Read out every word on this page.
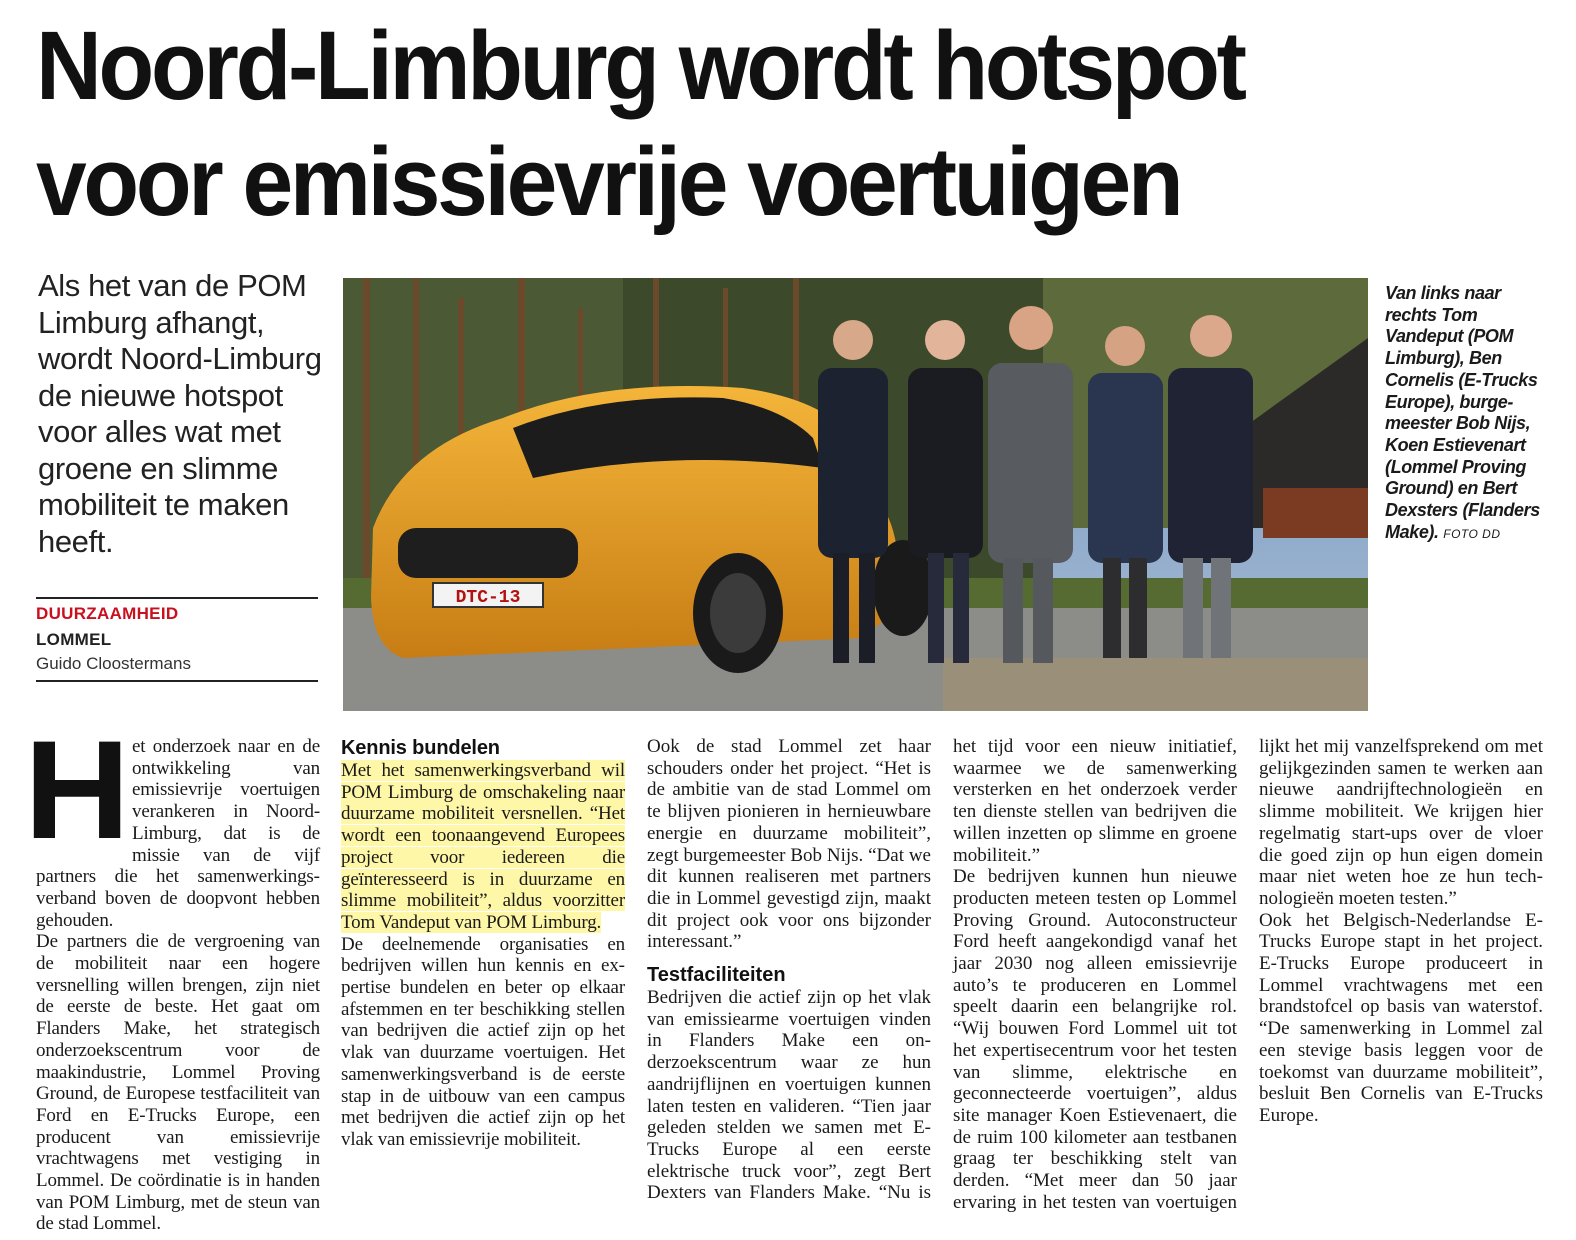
Noord-Limburg wordt hotspot
voor emissievrije voertuigen
Als het van de POM Limburg afhangt, wordt Noord-Limburg de nieuwe hotspot voor alles wat met groene en slimme mobiliteit te maken heeft.
DUURZAAMHEID
LOMMEL
Guido Cloostermans
DTC-13
Van links naar rechts Tom Vandeput (POM Limburg), Ben Cornelis (E-Trucks Europe), burgemeester Bob Nijs, Koen Estievenart (Lommel Proving Ground) en Bert Dexsters (Flanders Make). FOTO DD
H et onderzoek naar en de ontwikkeling van emissievrije voertuigen verankeren in Noord-Limburg, dat is de missie van de vijf partners die het samenwerkingsverband boven de doopvont hebben gehouden.

De partners die de vergroening van de mobiliteit naar een hogere versnelling willen brengen, zijn niet de eerste de beste. Het gaat om Flanders Make, het strategisch onderzoekscentrum voor de maakindustrie, Lommel Proving Ground, de Europese testfaciliteit van Ford en E-Trucks Europe, een producent van emissievrije vrachtwagens met vestiging in Lommel. De coördinatie is in handen van POM Limburg, met de steun van de stad Lommel.

Kennis bundelen

Met het samenwerkingsverband wil POM Limburg de omschakeling naar duurzame mobiliteit versnellen. “Het wordt een toonaangevend Europees project voor iedereen die geïnteresseerd is in duurzame en slimme mobiliteit”, aldus voorzitter Tom Vandeput van POM Limburg.

De deelnemende organisaties en bedrijven willen hun kennis en expertise bundelen en beter op elkaar afstemmen en ter beschikking stellen van bedrijven die actief zijn op het vlak van duurzame voertuigen. Het samenwerkingsverband is de eerste stap in de uitbouw van een campus met bedrijven die actief zijn op het vlak van emissievrije mobiliteit.

Ook de stad Lommel zet haar schouders onder het project. “Het is de ambitie van de stad Lommel om te blijven pionieren in hernieuwbare energie en duurzame mobiliteit”, zegt burgemeester Bob Nijs. “Dat we dit kunnen realiseren met partners die in Lommel gevestigd zijn, maakt dit project ook voor ons bijzonder interessant.”

Testfaciliteiten

Bedrijven die actief zijn op het vlak van emissiearme voertuigen vinden in Flanders Make een onderzoekscentrum waar ze hun aandrijflijnen en voertuigen kunnen laten testen en valideren. “Tien jaar geleden stelden we samen met E-Trucks Europe al een eerste elektrische truck voor”, zegt Bert Dexters van Flanders Make. “Nu is het tijd voor een nieuw initiatief, waarmee we de samenwerking versterken en het onderzoek verder ten dienste stellen van bedrijven die willen inzetten op slimme en groene mobiliteit.”

De bedrijven kunnen hun nieuwe producten meteen testen op Lommel Proving Ground. Autoconstructeur Ford heeft aangekondigd vanaf het jaar 2030 nog alleen emissievrije auto’s te produceren en Lommel speelt daarin een belangrijke rol. “Wij bouwen Ford Lommel uit tot het expertisecentrum voor het testen van slimme, elektrische en geconnecteerde voertuigen”, aldus site manager Koen Estievenaert, die de ruim 100 kilometer aan testbanen graag ter beschikking stelt van derden. “Met meer dan 50 jaar ervaring in het testen van voertuigen lijkt het mij vanzelfsprekend om met gelijkgezinden samen te werken aan nieuwe aandrijftechnologieën en slimme mobiliteit. We krijgen hier regelmatig start-ups over de vloer die goed zijn op hun eigen domein maar niet weten hoe ze hun technologieën moeten testen.”

Ook het Belgisch-Nederlandse E-Trucks Europe stapt in het project. E-Trucks Europe produceert in Lommel vrachtwagens met een brandstofcel op basis van waterstof. “De samenwerking in Lommel zal een stevige basis leggen voor de toekomst van duurzame mobiliteit”, besluit Ben Cornelis van E-Trucks Europe.
